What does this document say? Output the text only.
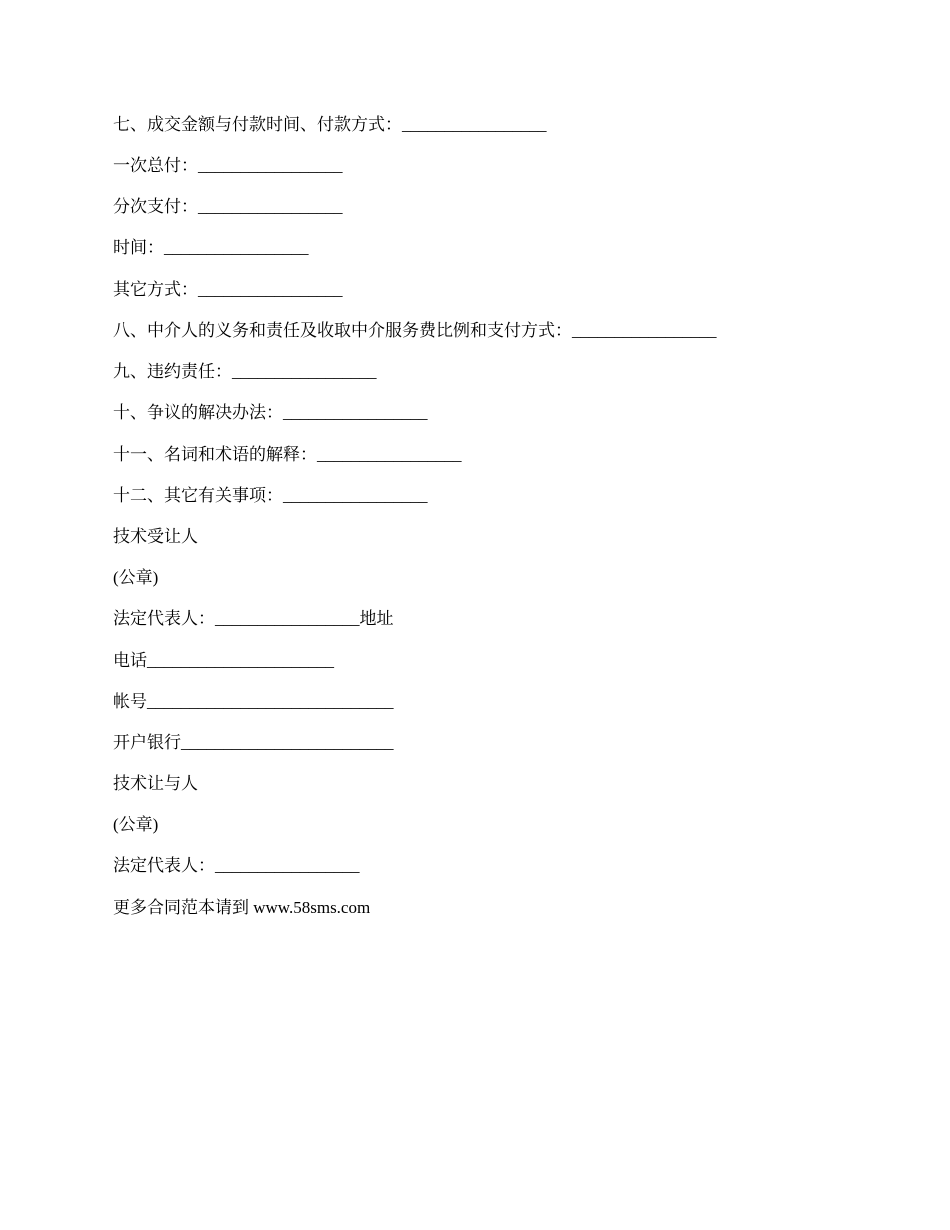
七、成交金额与付款时间、付款方式：_________________
一次总付：_________________
分次支付：_________________
时间：_________________
其它方式：_________________
八、中介人的义务和责任及收取中介服务费比例和支付方式：_________________
九、违约责任：_________________
十、争议的解决办法：_________________
十一、名词和术语的解释：_________________
十二、其它有关事项：_________________
技术受让人
(公章)
法定代表人：_________________地址
电话______________________
帐号_____________________________
开户银行_________________________
技术让与人
(公章)
法定代表人：_________________
更多合同范本请到 www.58sms.com
